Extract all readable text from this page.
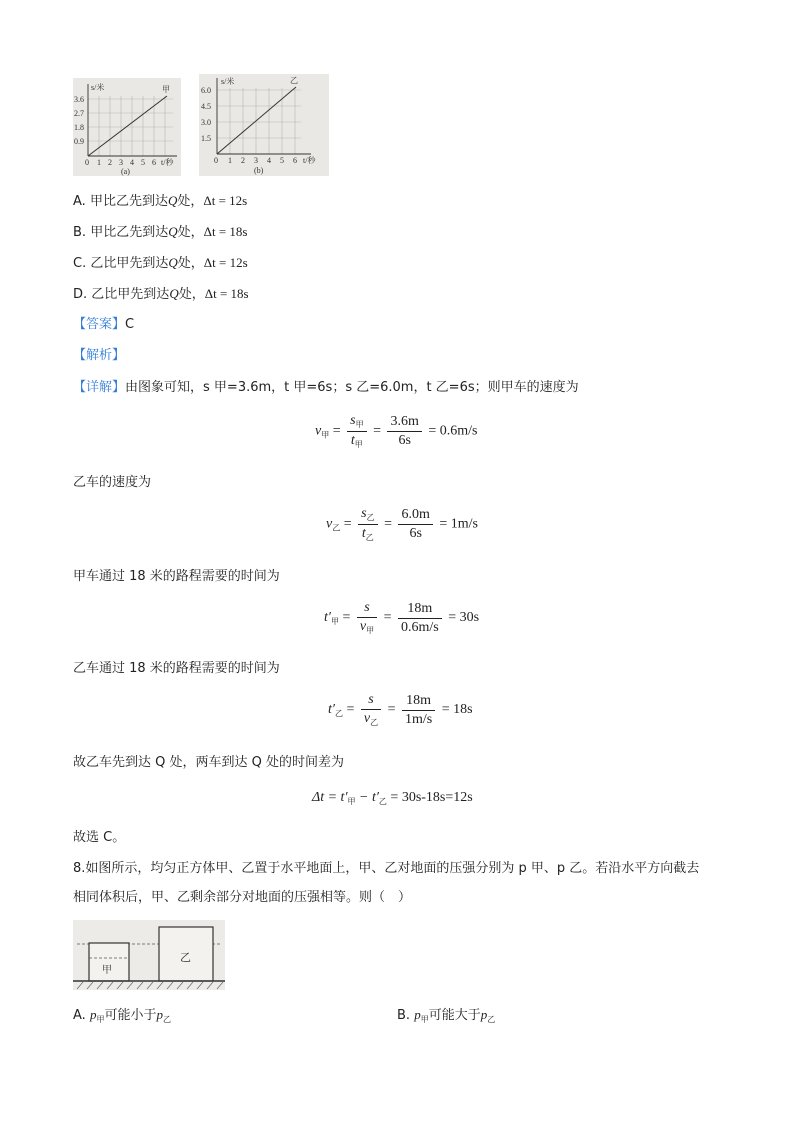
s/米	甲
3.6
2.7
1.8
0.9
0 1 2 3 4 5 6 t/秒
(a)
s/米	乙
6.0
4.5
3.0
1.5
0 1 2 3 4 5 6 t/秒
(b)
A. 甲比乙先到达Q处，Δt = 12s
B. 甲比乙先到达Q处，Δt = 18s
C. 乙比甲先到达Q处，Δt = 12s
D. 乙比甲先到达Q处，Δt = 18s
【答案】C
【解析】
【详解】由图象可知，s 甲=3.6m，t 甲=6s；s 乙=6.0m，t 乙=6s；则甲车的速度为
$v_甲 = \frac{s_甲}{t_甲} = \frac{3.6m}{6s} = 0.6m/s$
乙车的速度为
$v_乙 = \frac{s_乙}{t_乙} = \frac{6.0m}{6s} = 1m/s$
甲车通过 18 米的路程需要的时间为
$t'_甲 = \frac{s}{v_甲} = \frac{18m}{0.6m/s} = 30s$
乙车通过 18 米的路程需要的时间为
$t'_乙 = \frac{s}{v_乙} = \frac{18m}{1m/s} = 18s$
故乙车先到达 Q 处，两车到达 Q 处的时间差为
$\Delta t = t'_甲 - t'_乙 = 30s-18s=12s$
故选 C。
8.如图所示，均匀正方体甲、乙置于水平地面上，甲、乙对地面的压强分别为 p 甲、p 乙。若沿水平方向截去
相同体积后，甲、乙剩余部分对地面的压强相等。则（　）
甲
乙
A. $p_甲$可能小于$p_乙$	B. $p_甲$可能大于$p_乙$
